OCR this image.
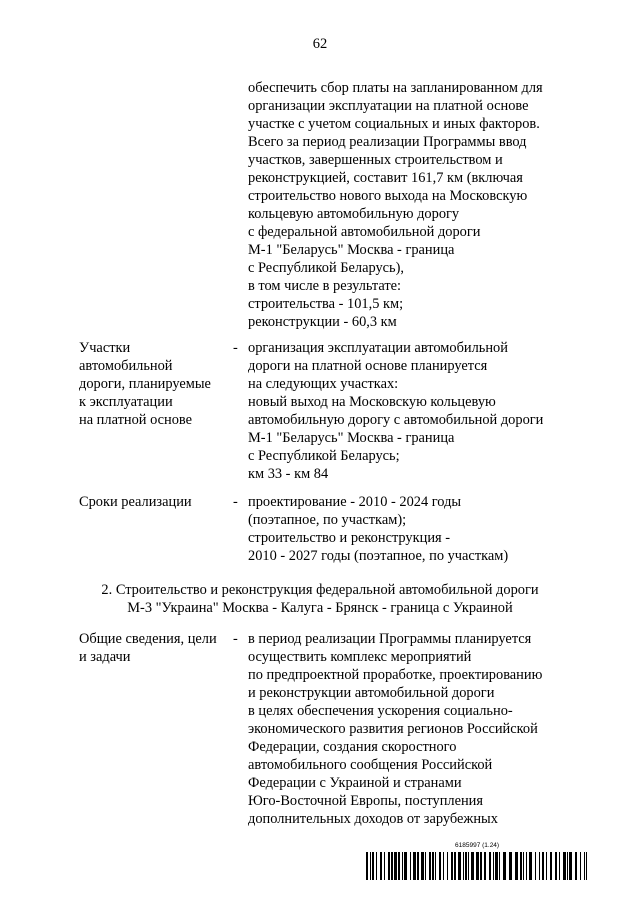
62
обеспечить сбор платы на запланированном для
организации эксплуатации на платной основе
участке с учетом социальных и иных факторов.
Всего за период реализации Программы ввод
участков, завершенных строительством и
реконструкцией, составит 161,7 км (включая
строительство нового выхода на Московскую
кольцевую автомобильную дорогу
с федеральной автомобильной дороги
М-1 "Беларусь" Москва - граница
с Республикой Беларусь),
в том числе в результате:
строительства - 101,5 км;
реконструкции - 60,3 км
Участки
автомобильной
дороги, планируемые
к эксплуатации
на платной основе
- организация эксплуатации автомобильной
дороги на платной основе планируется
на следующих участках:
новый выход на Московскую кольцевую
автомобильную дорогу с автомобильной дороги
М-1 "Беларусь" Москва - граница
с Республикой Беларусь;
км 33 - км 84
Сроки реализации	- проектирование - 2010 - 2024 годы
(поэтапное, по участкам);
строительство и реконструкция -
2010 - 2027 годы (поэтапное, по участкам)
2. Строительство и реконструкция федеральной автомобильной дороги
М-3 "Украина" Москва - Калуга - Брянск - граница с Украиной
Общие сведения, цели
и задачи
- в период реализации Программы планируется
осуществить комплекс мероприятий
по предпроектной проработке, проектированию
и реконструкции автомобильной дороги
в целях обеспечения ускорения социально-
экономического развития регионов Российской
Федерации, создания скоростного
автомобильного сообщения Российской
Федерации с Украиной и странами
Юго-Восточной Европы, поступления
дополнительных доходов от зарубежных
6185997 (1.24)
